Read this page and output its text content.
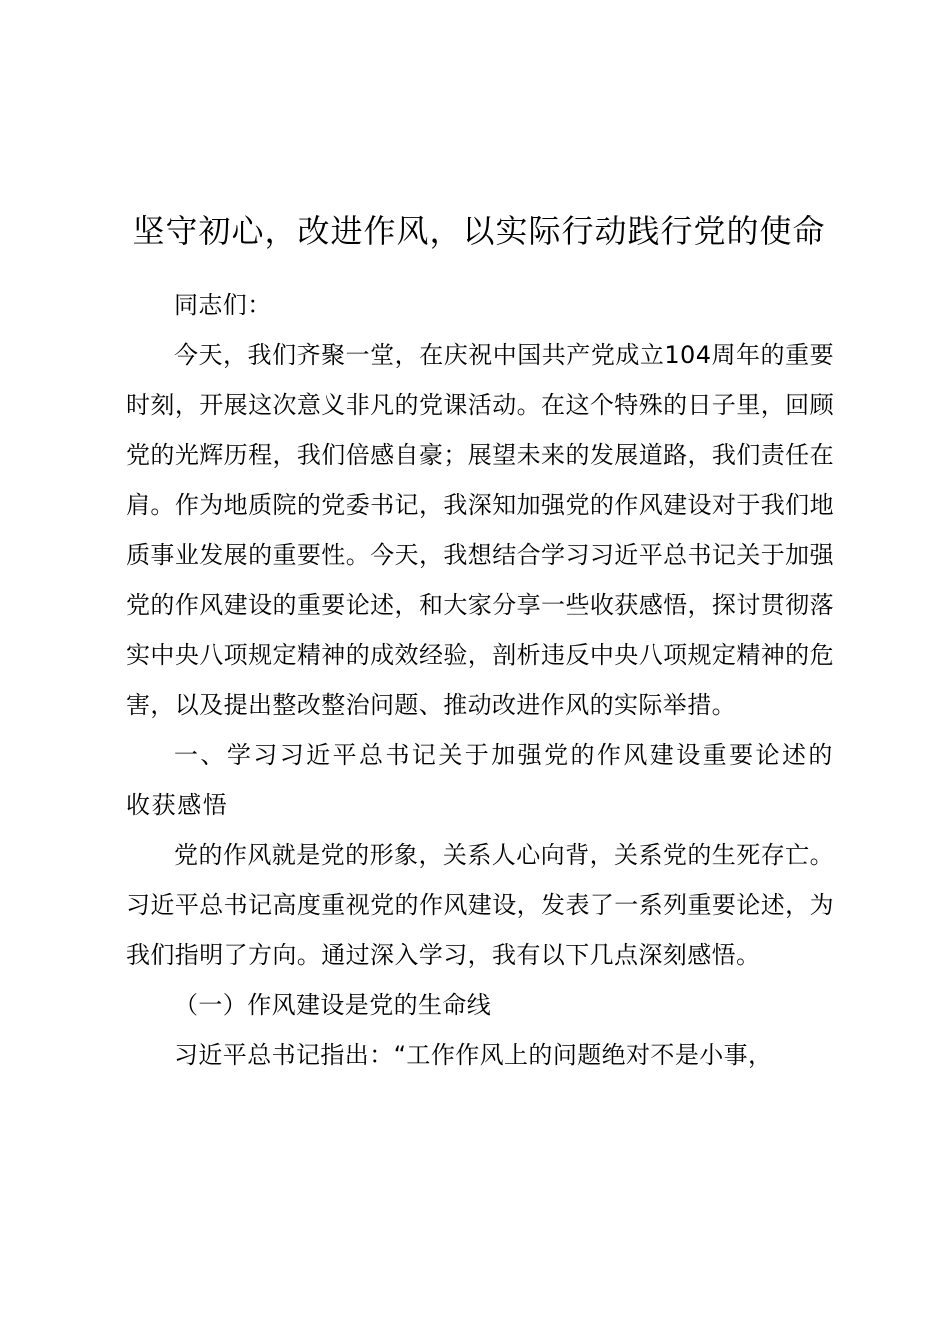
坚守初心，改进作风，以实际行动践行党的使命

同志们：

今天，我们齐聚一堂，在庆祝中国共产党成立104周年的重要时刻，开展这次意义非凡的党课活动。在这个特殊的日子里，回顾党的光辉历程，我们倍感自豪；展望未来的发展道路，我们责任在肩。作为地质院的党委书记，我深知加强党的作风建设对于我们地质事业发展的重要性。今天，我想结合学习习近平总书记关于加强党的作风建设的重要论述，和大家分享一些收获感悟，探讨贯彻落实中央八项规定精神的成效经验，剖析违反中央八项规定精神的危害，以及提出整改整治问题、推动改进作风的实际举措。

一、学习习近平总书记关于加强党的作风建设重要论述的收获感悟

党的作风就是党的形象，关系人心向背，关系党的生死存亡。习近平总书记高度重视党的作风建设，发表了一系列重要论述，为我们指明了方向。通过深入学习，我有以下几点深刻感悟。

（一）作风建设是党的生命线

习近平总书记指出：“工作作风上的问题绝对不是小事，
